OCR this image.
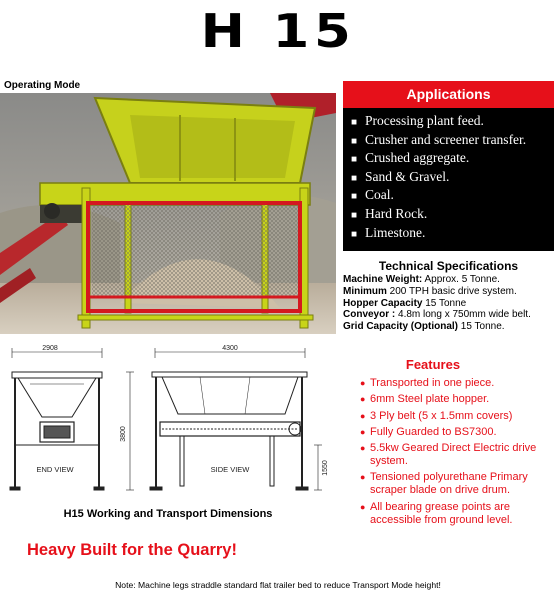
H 15
Operating Mode
Applications
■ Processing plant feed.
■ Crusher and screener transfer.
■ Crushed aggregate.
■ Sand & Gravel.
■ Coal.
■ Hard Rock.
■ Limestone.
Technical Specifications
Machine Weight: Approx. 5 Tonne.
Minimum 200 TPH basic drive system.
Hopper Capacity 15 Tonne
Conveyor : 4.8m long x 750mm wide belt.
Grid Capacity (Optional) 15 Tonne.
2908	4300
3800
1550
END VIEW	SIDE VIEW
H15 Working and Transport Dimensions
Features
● Transported in one piece.
● 6mm Steel plate hopper.
● 3 Ply belt (5 x 1.5mm covers)
● Fully Guarded to BS7300.
● 5.5kw Geared Direct Electric drive system.
● Tensioned polyurethane Primary scraper blade on drive drum.
● All bearing grease points are accessible from ground level.
Heavy Built for the Quarry!
Note: Machine legs straddle standard flat trailer bed to reduce Transport Mode height!
